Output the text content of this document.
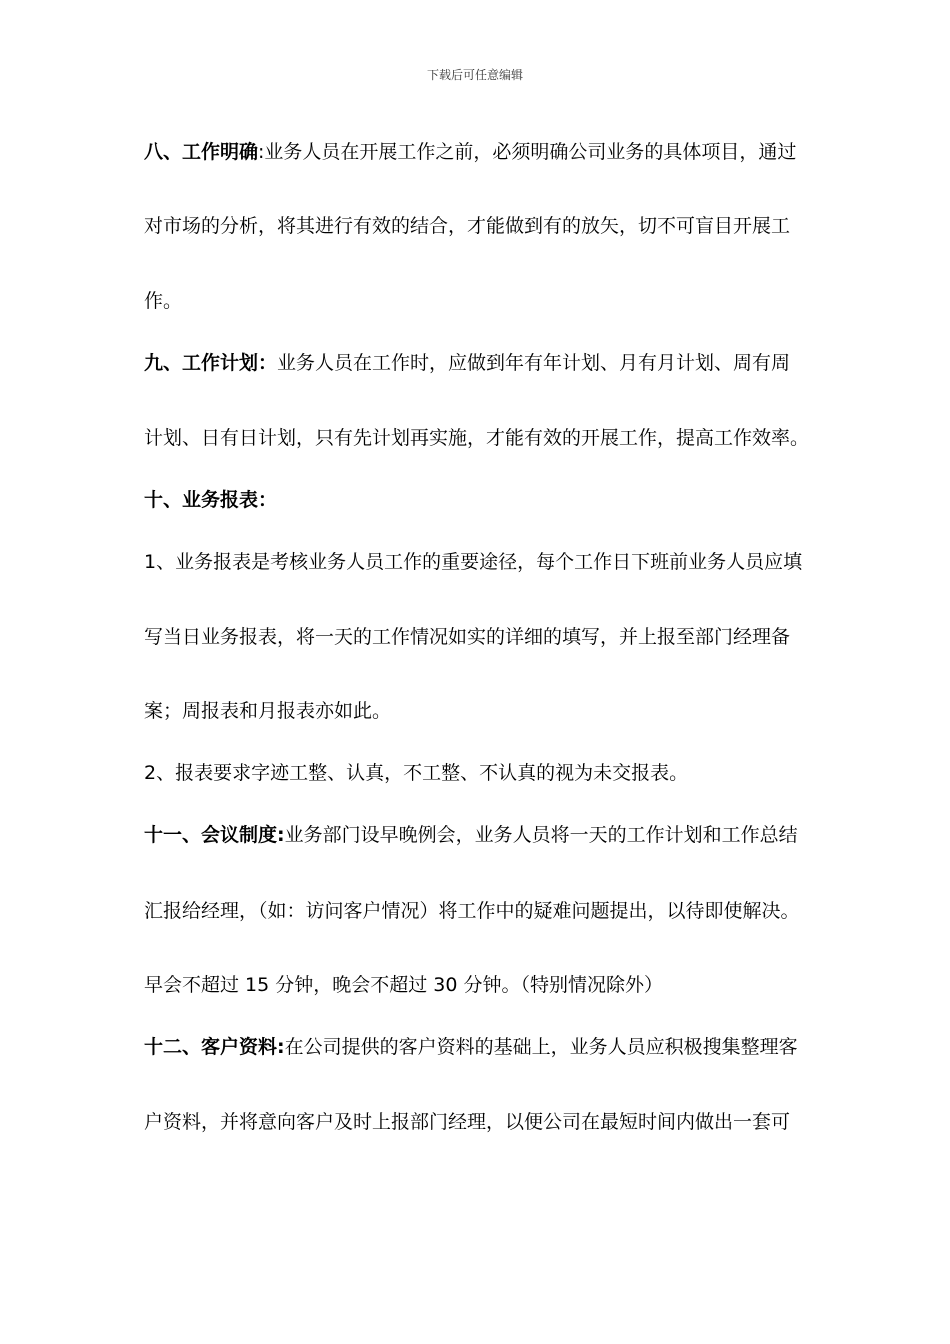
下载后可任意编辑
八、工作明确:业务人员在开展工作之前，必须明确公司业务的具体项目，通过
对市场的分析，将其进行有效的结合，才能做到有的放矢，切不可盲目开展工
作。
九、工作计划：业务人员在工作时，应做到年有年计划、月有月计划、周有周
计划、日有日计划，只有先计划再实施，才能有效的开展工作，提高工作效率。
十、业务报表：
1、业务报表是考核业务人员工作的重要途径，每个工作日下班前业务人员应填
写当日业务报表，将一天的工作情况如实的详细的填写，并上报至部门经理备
案；周报表和月报表亦如此。
2、报表要求字迹工整、认真，不工整、不认真的视为未交报表。
十一、会议制度:业务部门设早晚例会，业务人员将一天的工作计划和工作总结
汇报给经理，（如：访问客户情况）将工作中的疑难问题提出，以待即使解决。
早会不超过 15 分钟，晚会不超过 30 分钟。（特别情况除外）
十二、客户资料:在公司提供的客户资料的基础上，业务人员应积极搜集整理客
户资料，并将意向客户及时上报部门经理，以便公司在最短时间内做出一套可
